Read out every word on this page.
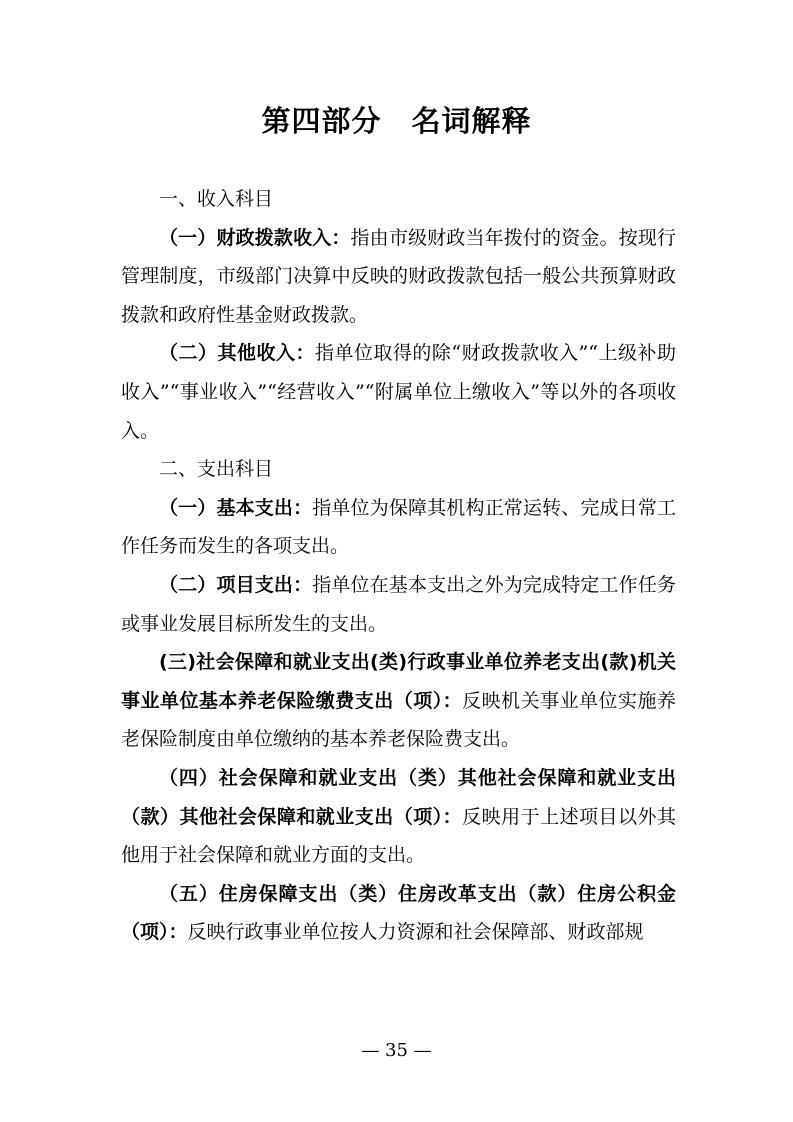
第四部分　名词解释

一、收入科目

（一）财政拨款收入：指由市级财政当年拨付的资金。按现行管理制度，市级部门决算中反映的财政拨款包括一般公共预算财政拨款和政府性基金财政拨款。

（二）其他收入：指单位取得的除“财政拨款收入”“上级补助收入”“事业收入”“经营收入”“附属单位上缴收入”等以外的各项收入。

二、支出科目

（一）基本支出：指单位为保障其机构正常运转、完成日常工作任务而发生的各项支出。

（二）项目支出：指单位在基本支出之外为完成特定工作任务或事业发展目标所发生的支出。

(三)社会保障和就业支出(类)行政事业单位养老支出(款)机关事业单位基本养老保险缴费支出（项）：反映机关事业单位实施养老保险制度由单位缴纳的基本养老保险费支出。

（四）社会保障和就业支出（类）其他社会保障和就业支出（款）其他社会保障和就业支出（项）：反映用于上述项目以外其他用于社会保障和就业方面的支出。

（五）住房保障支出（类）住房改革支出（款）住房公积金（项）：反映行政事业单位按人力资源和社会保障部、财政部规

— 35 —
